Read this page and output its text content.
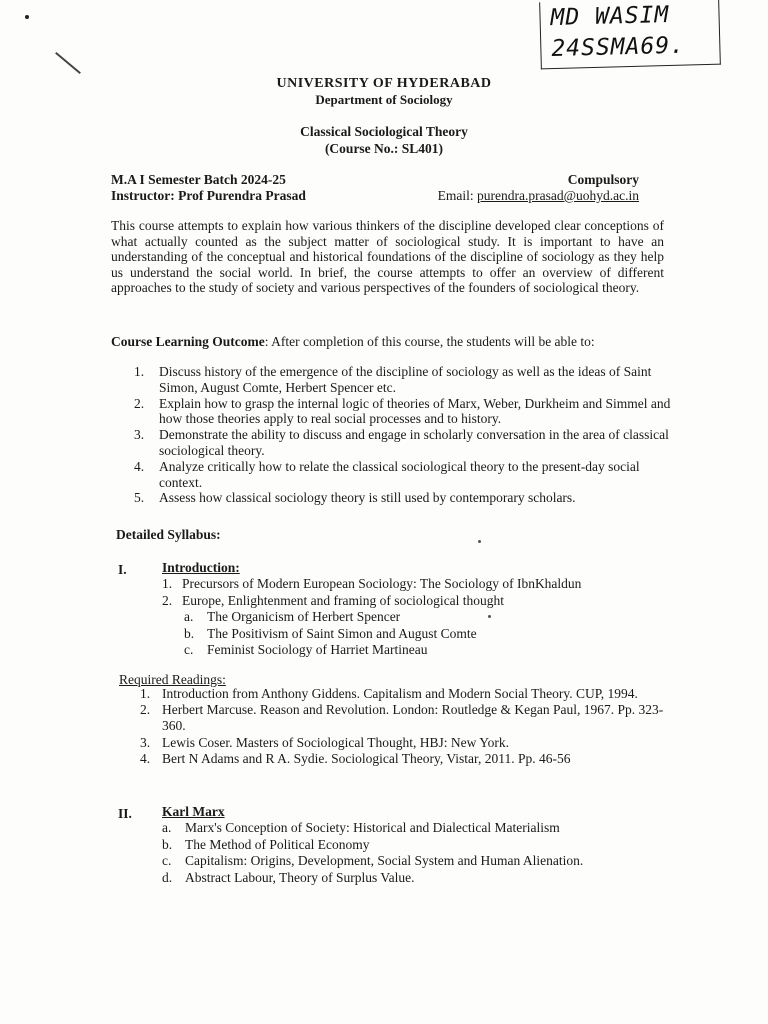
MD WASIM
24SSMA69.
UNIVERSITY OF HYDERABAD
Department of Sociology
Classical Sociological Theory
(Course No.: SL401)
M.A I Semester Batch 2024-25	Compulsory
Instructor: Prof Purendra Prasad	Email: purendra.prasad@uohyd.ac.in
This course attempts to explain how various thinkers of the discipline developed clear conceptions of what actually counted as the subject matter of sociological study. It is important to have an understanding of the conceptual and historical foundations of the discipline of sociology as they help us understand the social world. In brief, the course attempts to offer an overview of different approaches to the study of society and various perspectives of the founders of sociological theory.
Course Learning Outcome: After completion of this course, the students will be able to:
1. Discuss history of the emergence of the discipline of sociology as well as the ideas of Saint Simon, August Comte, Herbert Spencer etc.
2. Explain how to grasp the internal logic of theories of Marx, Weber, Durkheim and Simmel and how those theories apply to real social processes and to history.
3. Demonstrate the ability to discuss and engage in scholarly conversation in the area of classical sociological theory.
4. Analyze critically how to relate the classical sociological theory to the present-day social context.
5. Assess how classical sociology theory is still used by contemporary scholars.
Detailed Syllabus:
I.	Introduction:
1. Precursors of Modern European Sociology: The Sociology of IbnKhaldun
2. Europe, Enlightenment and framing of sociological thought
a. The Organicism of Herbert Spencer
b. The Positivism of Saint Simon and August Comte
c. Feminist Sociology of Harriet Martineau
Required Readings:
1. Introduction from Anthony Giddens. Capitalism and Modern Social Theory. CUP, 1994.
2. Herbert Marcuse. Reason and Revolution. London: Routledge & Kegan Paul, 1967. Pp. 323-360.
3. Lewis Coser. Masters of Sociological Thought, HBJ: New York.
4. Bert N Adams and R A. Sydie. Sociological Theory, Vistar, 2011. Pp. 46-56
II. Karl Marx
a. Marx's Conception of Society: Historical and Dialectical Materialism
b. The Method of Political Economy
c. Capitalism: Origins, Development, Social System and Human Alienation.
d. Abstract Labour, Theory of Surplus Value.
